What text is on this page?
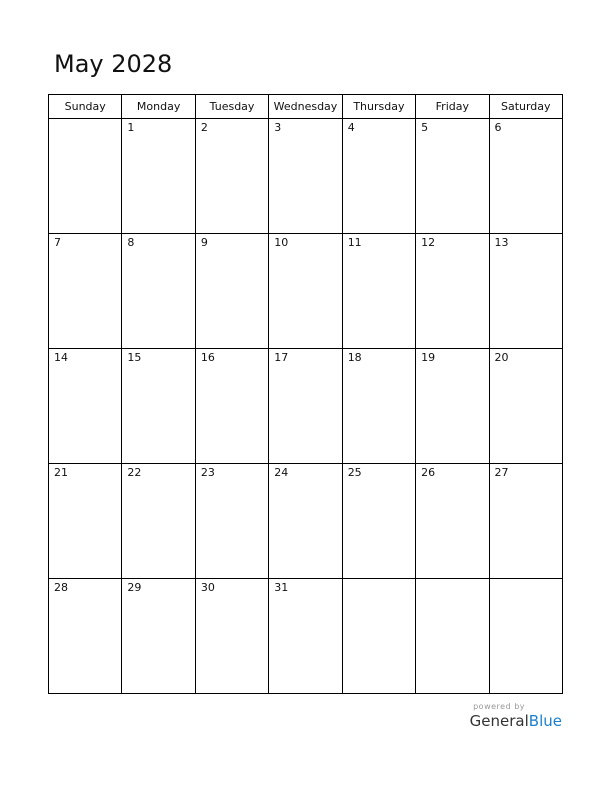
May 2028
Sunday	Monday	Tuesday	Wednesday	Thursday	Friday	Saturday

	1	2	3	4	5	6

7	8	9	10	11	12	13

14	15	16	17	18	19	20

21	22	23	24	25	26	27

28	29	30	31			

powered by
GeneralBlue
